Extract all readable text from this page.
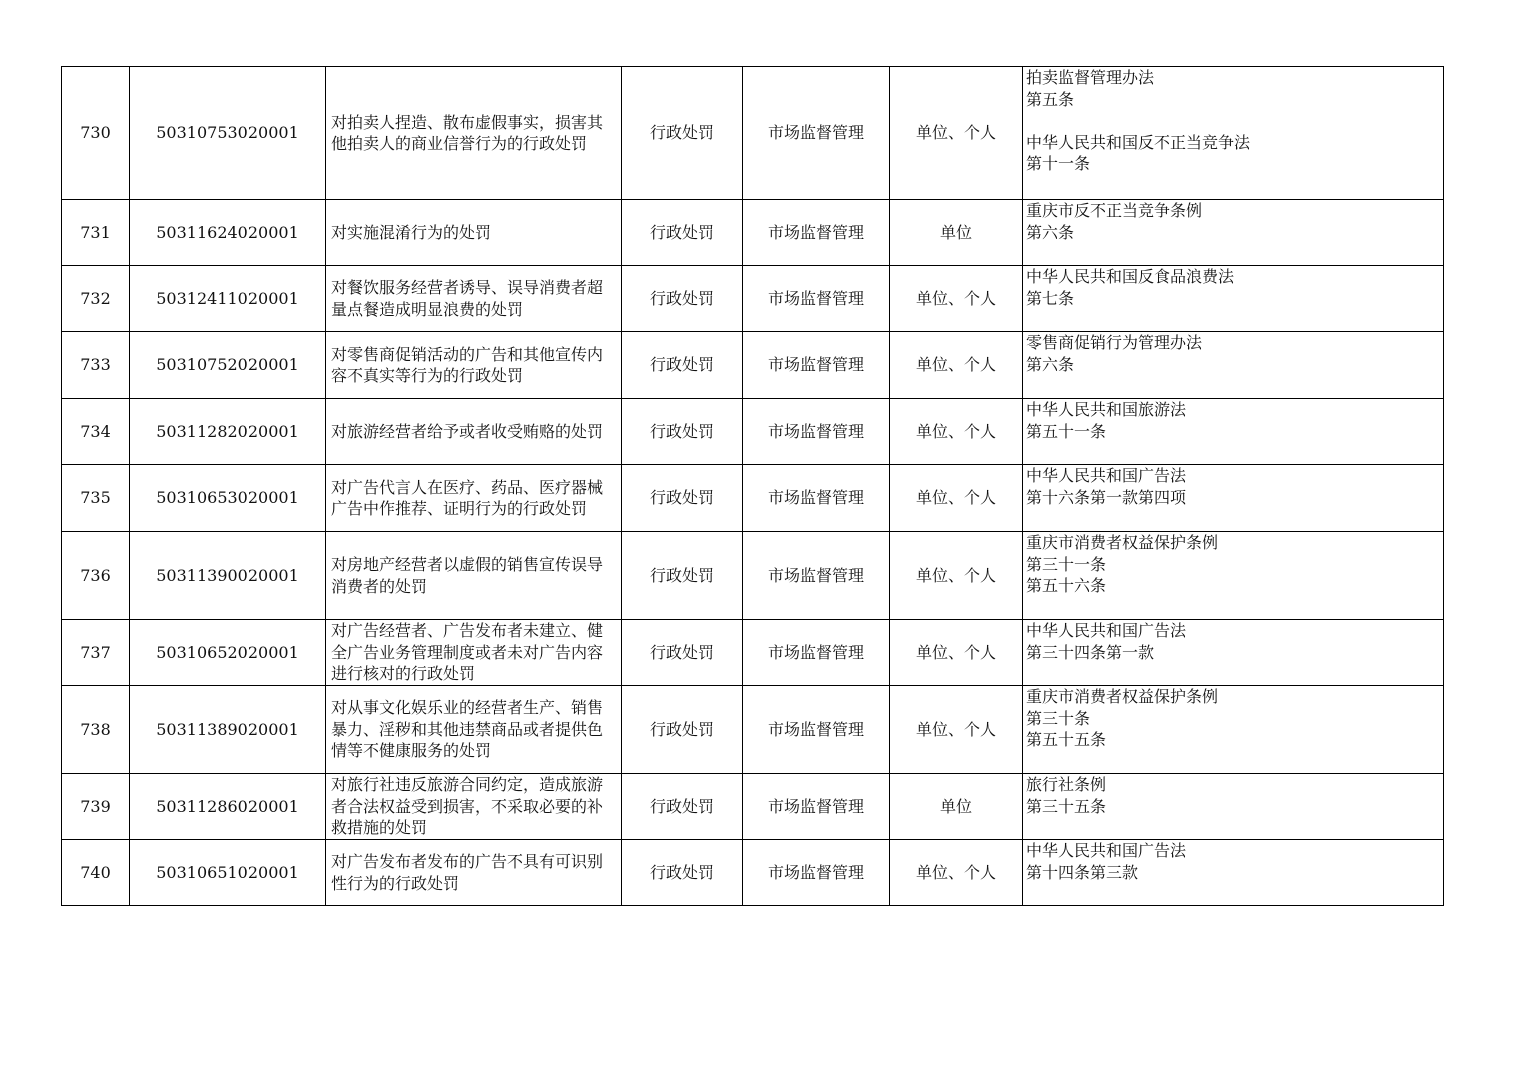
730	50310753020001	对拍卖人捏造、散布虚假事实，损害其他拍卖人的商业信誉行为的行政处罚	行政处罚	市场监督管理	单位、个人	拍卖监督管理办法
第五条

中华人民共和国反不正当竞争法
第十一条
731	50311624020001	对实施混淆行为的处罚	行政处罚	市场监督管理	单位	重庆市反不正当竞争条例
第六条
732	50312411020001	对餐饮服务经营者诱导、误导消费者超量点餐造成明显浪费的处罚	行政处罚	市场监督管理	单位、个人	中华人民共和国反食品浪费法
第七条
733	50310752020001	对零售商促销活动的广告和其他宣传内容不真实等行为的行政处罚	行政处罚	市场监督管理	单位、个人	零售商促销行为管理办法
第六条
734	50311282020001	对旅游经营者给予或者收受贿赂的处罚	行政处罚	市场监督管理	单位、个人	中华人民共和国旅游法
第五十一条
735	50310653020001	对广告代言人在医疗、药品、医疗器械广告中作推荐、证明行为的行政处罚	行政处罚	市场监督管理	单位、个人	中华人民共和国广告法
第十六条第一款第四项
736	50311390020001	对房地产经营者以虚假的销售宣传误导消费者的处罚	行政处罚	市场监督管理	单位、个人	重庆市消费者权益保护条例
第三十一条
第五十六条
737	50310652020001	对广告经营者、广告发布者未建立、健全广告业务管理制度或者未对广告内容进行核对的行政处罚	行政处罚	市场监督管理	单位、个人	中华人民共和国广告法
第三十四条第一款
738	50311389020001	对从事文化娱乐业的经营者生产、销售暴力、淫秽和其他违禁商品或者提供色情等不健康服务的处罚	行政处罚	市场监督管理	单位、个人	重庆市消费者权益保护条例
第三十条
第五十五条
739	50311286020001	对旅行社违反旅游合同约定，造成旅游者合法权益受到损害，不采取必要的补救措施的处罚	行政处罚	市场监督管理	单位	旅行社条例
第三十五条
740	50310651020001	对广告发布者发布的广告不具有可识别性行为的行政处罚	行政处罚	市场监督管理	单位、个人	中华人民共和国广告法
第十四条第三款
